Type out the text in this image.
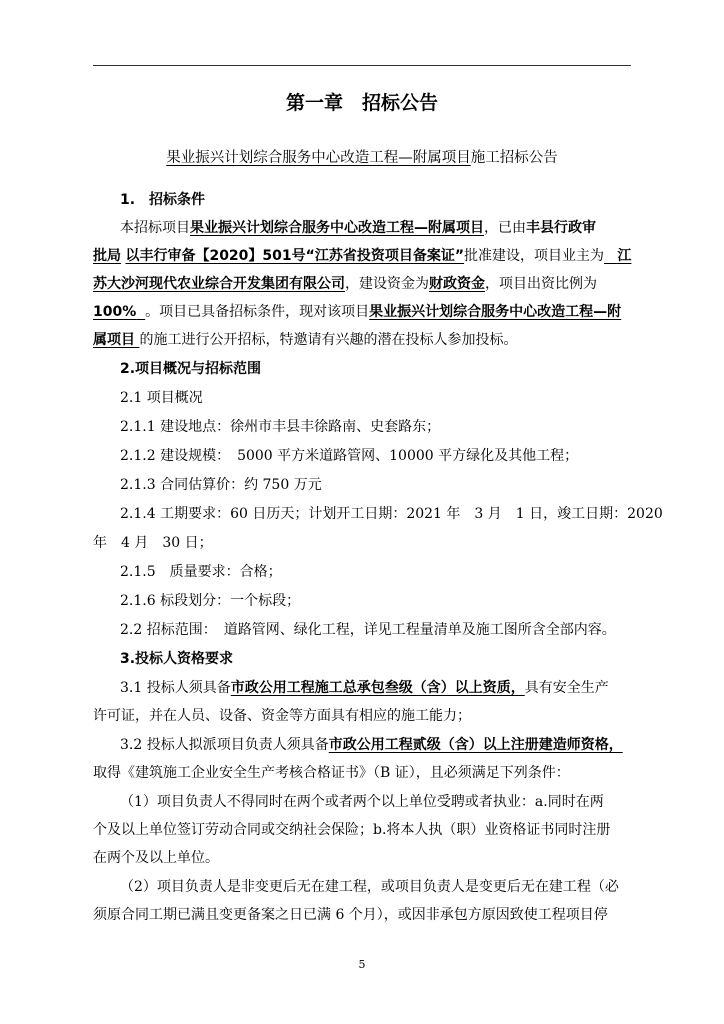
第一章　招标公告
果业振兴计划综合服务中心改造工程—附属项目施工招标公告
1.　招标条件
本招标项目果业振兴计划综合服务中心改造工程—附属项目，已由丰县行政审
批局 以丰行审备【2020】501号“江苏省投资项目备案证”批准建设，项目业主为 江
苏大沙河现代农业综合开发集团有限公司，建设资金为财政资金，项目出资比例为
100% 。项目已具备招标条件，现对该项目果业振兴计划综合服务中心改造工程—附
属项目 的施工进行公开招标，特邀请有兴趣的潜在投标人参加投标。
2.项目概况与招标范围
2.1 项目概况
2.1.1 建设地点：徐州市丰县丰徐路南、史套路东；
2.1.2 建设规模：　5000 平方米道路管网、10000 平方绿化及其他工程；
2.1.3 合同估算价：约 750 万元
2.1.4 工期要求：60 日历天；计划开工日期：2021 年　3 月　1 日，竣工日期：2020
年　4 月　30 日；
2.1.5　质量要求：合格；
2.1.6 标段划分：一个标段；
2.2 招标范围：　道路管网、绿化工程，详见工程量清单及施工图所含全部内容。
3.投标人资格要求
3.1 投标人须具备市政公用工程施工总承包叁级（含）以上资质，具有安全生产
许可证，并在人员、设备、资金等方面具有相应的施工能力；
3.2 投标人拟派项目负责人须具备市政公用工程贰级（含）以上注册建造师资格，
取得《建筑施工企业安全生产考核合格证书》（B 证），且必须满足下列条件：
（1）项目负责人不得同时在两个或者两个以上单位受聘或者执业：a.同时在两
个及以上单位签订劳动合同或交纳社会保险；b.将本人执（职）业资格证书同时注册
在两个及以上单位。
（2）项目负责人是非变更后无在建工程，或项目负责人是变更后无在建工程（必
须原合同工期已满且变更备案之日已满 6 个月），或因非承包方原因致使工程项目停
5
